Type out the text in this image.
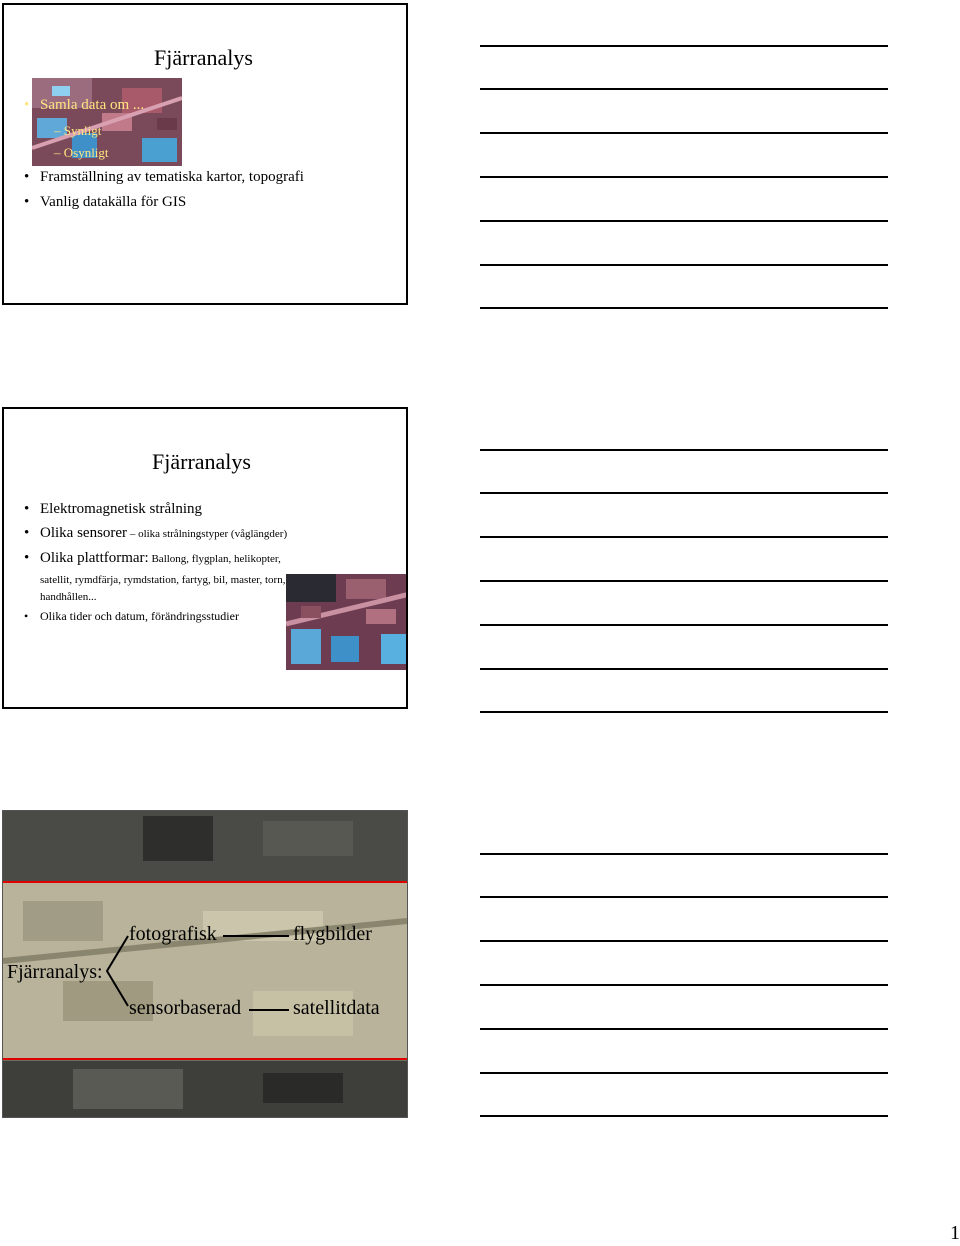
Fjärranalys
• Samla data om ...
– Synligt
– Osynligt
• Framställning av tematiska kartor, topografi
• Vanlig datakälla för GIS
Fjärranalys
• Elektromagnetisk strålning
• Olika sensorer – olika strålningstyper (våglängder)
• Olika plattformar: Ballong, flygplan, helikopter,
satellit, rymdfärja, rymdstation, fartyg, bil, master, torn,
handhållen...
• Olika tider och datum, förändringsstudier
Fjärranalys:
fotografisk	flygbilder
sensorbaserad	satellitdata
1
